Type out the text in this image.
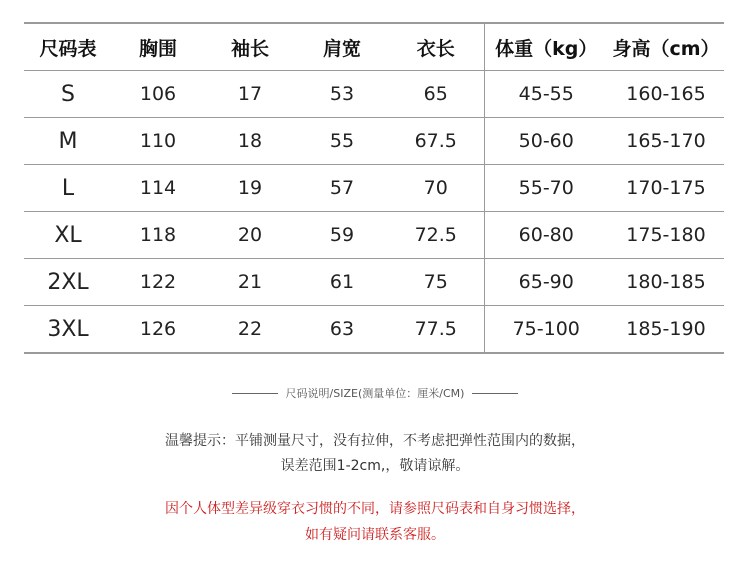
尺码表	胸围	袖长	肩宽	衣长	体重（kg）	身高（cm）
S	106	17	53	65	45-55	160-165
M	110	18	55	67.5	50-60	165-170
L	114	19	57	70	55-70	170-175
XL	118	20	59	72.5	60-80	175-180
2XL	122	21	61	75	65-90	180-185
3XL	126	22	63	77.5	75-100	185-190
尺码说明/SIZE(测量单位：厘米/CM)
温馨提示：平铺测量尺寸，没有拉伸，不考虑把弹性范围内的数据，
误差范围1-2cm,，敬请谅解。
因个人体型差异级穿衣习惯的不同，请参照尺码表和自身习惯选择，
如有疑问请联系客服。
